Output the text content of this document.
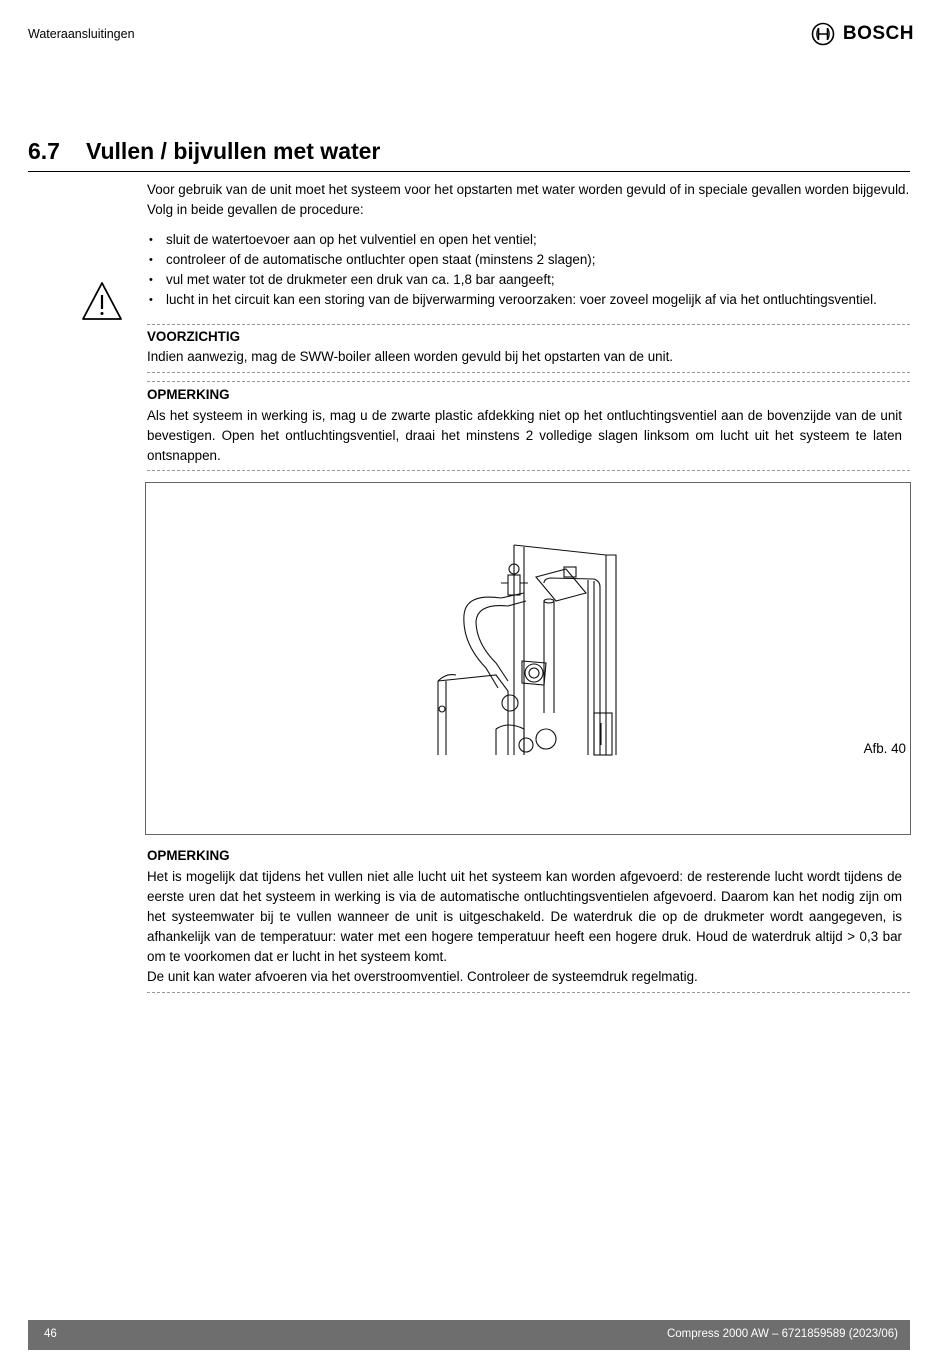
Wateraansluitingen	BOSCH
6.7 Vullen / bijvullen met water

Voor gebruik van de unit moet het systeem voor het opstarten met water worden gevuld of in speciale gevallen worden bijgevuld. Volg in beide gevallen de procedure:

• sluit de watertoevoer aan op het vulventiel en open het ventiel;
• controleer of de automatische ontluchter open staat (minstens 2 slagen);
• vul met water tot de drukmeter een druk van ca. 1,8 bar aangeeft;
• lucht in het circuit kan een storing van de bijverwarming veroorzaken: voer zoveel mogelijk af via het ontluchtingsventiel.
VOORZICHTIG

Indien aanwezig, mag de SWW-boiler alleen worden gevuld bij het opstarten van de unit.

OPMERKING

Als het systeem in werking is, mag u de zwarte plastic afdekking niet op het ontluchtingsventiel aan de bovenzijde van de unit bevestigen. Open het ontluchtingsventiel, draai het minstens 2 volledige slagen linksom om lucht uit het systeem te laten ontsnappen.

Afb. 40
OPMERKING

Het is mogelijk dat tijdens het vullen niet alle lucht uit het systeem kan worden afgevoerd: de resterende lucht wordt tijdens de eerste uren dat het systeem in werking is via de automatische ontluchtingsventielen afgevoerd. Daarom kan het nodig zijn om het systeemwater bij te vullen wanneer de unit is uitgeschakeld. De waterdruk die op de drukmeter wordt aangegeven, is afhankelijk van de temperatuur: water met een hogere temperatuur heeft een hogere druk. Houd de waterdruk altijd > 0,3 bar om te voorkomen dat er lucht in het systeem komt.

De unit kan water afvoeren via het overstroomventiel. Controleer de systeemdruk regelmatig.

46	Compress 2000 AW – 6721859589 (2023/06)
